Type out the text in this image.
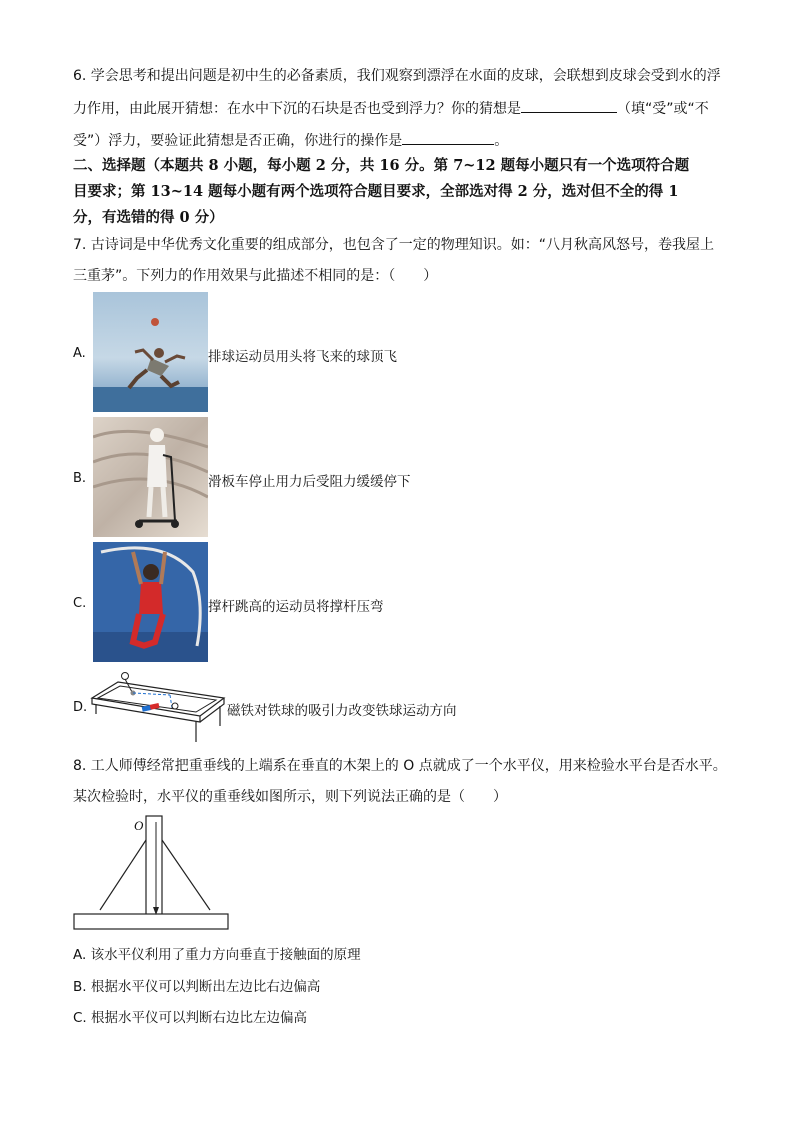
6. 学会思考和提出问题是初中生的必备素质，我们观察到漂浮在水面的皮球，会联想到皮球会受到水的浮
力作用，由此展开猜想：在水中下沉的石块是否也受到浮力？你的猜想是	（填“受”或“不
受”）浮力，要验证此猜想是否正确，你进行的操作是	。
二、选择题（本题共 8 小题，每小题 2 分，共 16 分。第 7~12 题每小题只有一个选项符合题
目要求；第 13~14 题每小题有两个选项符合题目要求，全部选对得 2 分，选对但不全的得 1
分，有选错的得 0 分）
7. 古诗词是中华优秀文化重要的组成部分，也包含了一定的物理知识。如：“八月秋高风怒号，卷我屋上
三重茅”。下列力的作用效果与此描述不相同的是：（　　）
A.	排球运动员用头将飞来的球顶飞
B.	滑板车停止用力后受阻力缓缓停下
C.	撑杆跳高的运动员将撑杆压弯
D.	磁铁对铁球的吸引力改变铁球运动方向
8. 工人师傅经常把重垂线的上端系在垂直的木架上的 O 点就成了一个水平仪，用来检验水平台是否水平。
某次检验时，水平仪的重垂线如图所示，则下列说法正确的是（　　）
O
A. 该水平仪利用了重力方向垂直于接触面的原理
B. 根据水平仪可以判断出左边比右边偏高
C. 根据水平仪可以判断右边比左边偏高
